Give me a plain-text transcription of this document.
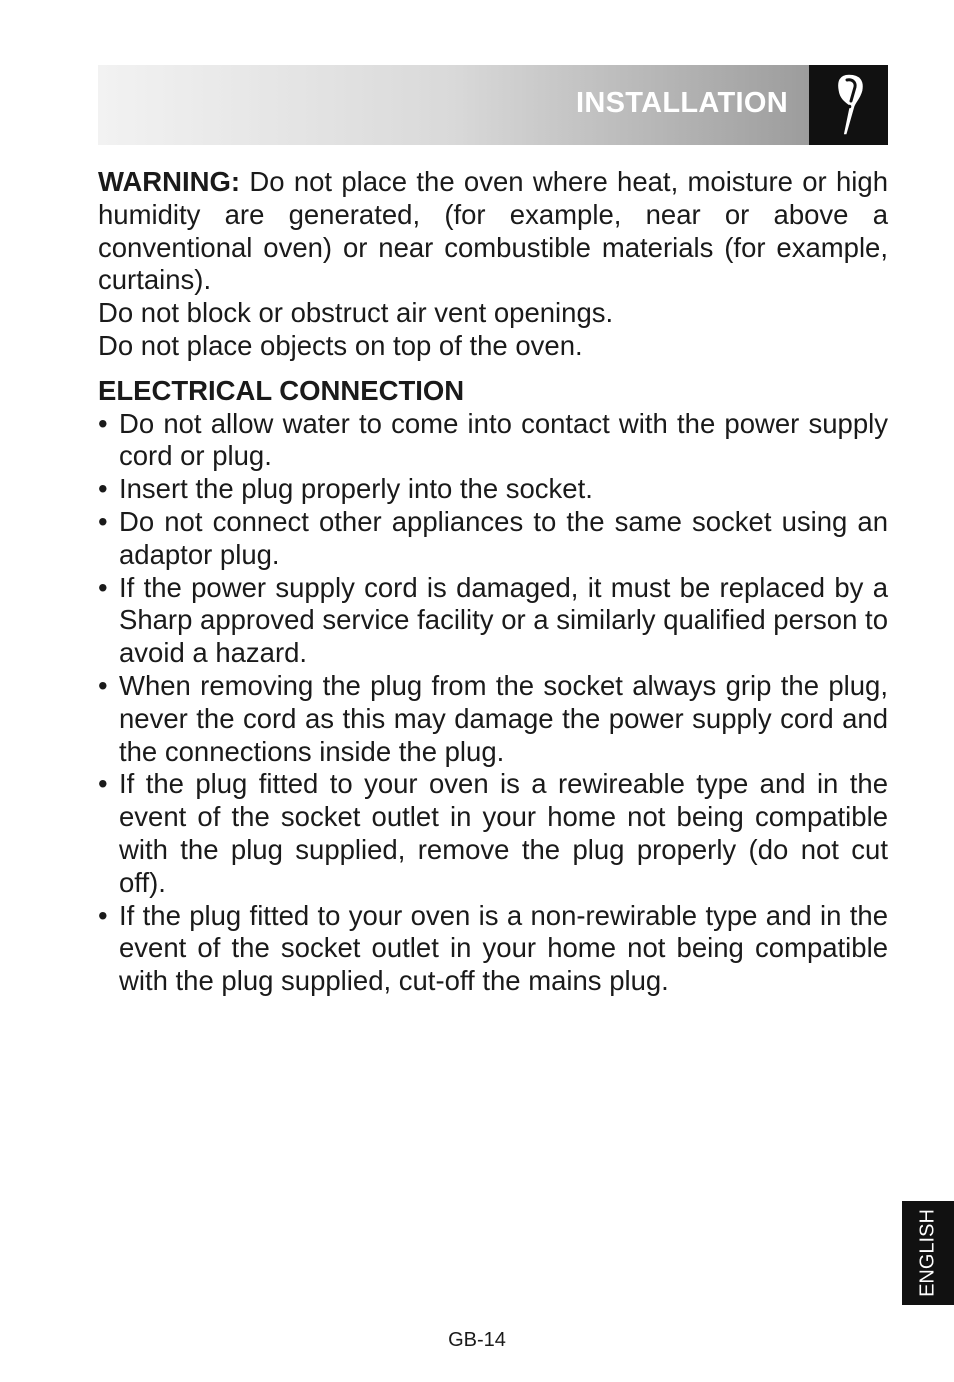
INSTALLATION

WARNING: Do not place the oven where heat, moisture or high humidity are generated, (for example, near or above a conventional oven) or near combustible materials (for example, curtains).

Do not block or obstruct air vent openings.

Do not place objects on top of the oven.

ELECTRICAL CONNECTION
• Do not allow water to come into contact with the power supply cord or plug.
• Insert the plug properly into the socket.
• Do not connect other appliances to the same socket using an adaptor plug.
• If the power supply cord is damaged, it must be replaced by a Sharp approved service facility or a similarly qualified person to avoid a hazard.
• When removing the plug from the socket always grip the plug, never the cord as this may damage the power supply cord and the connections inside the plug.
• If the plug fitted to your oven is a rewireable type and in the event of the socket outlet in your home not being compatible with the plug supplied, remove the plug properly (do not cut off).
• If the plug fitted to your oven is a non-rewirable type and in the event of the socket outlet in your home not being compatible with the plug supplied, cut-off the mains plug.
ENGLISH
GB-14
